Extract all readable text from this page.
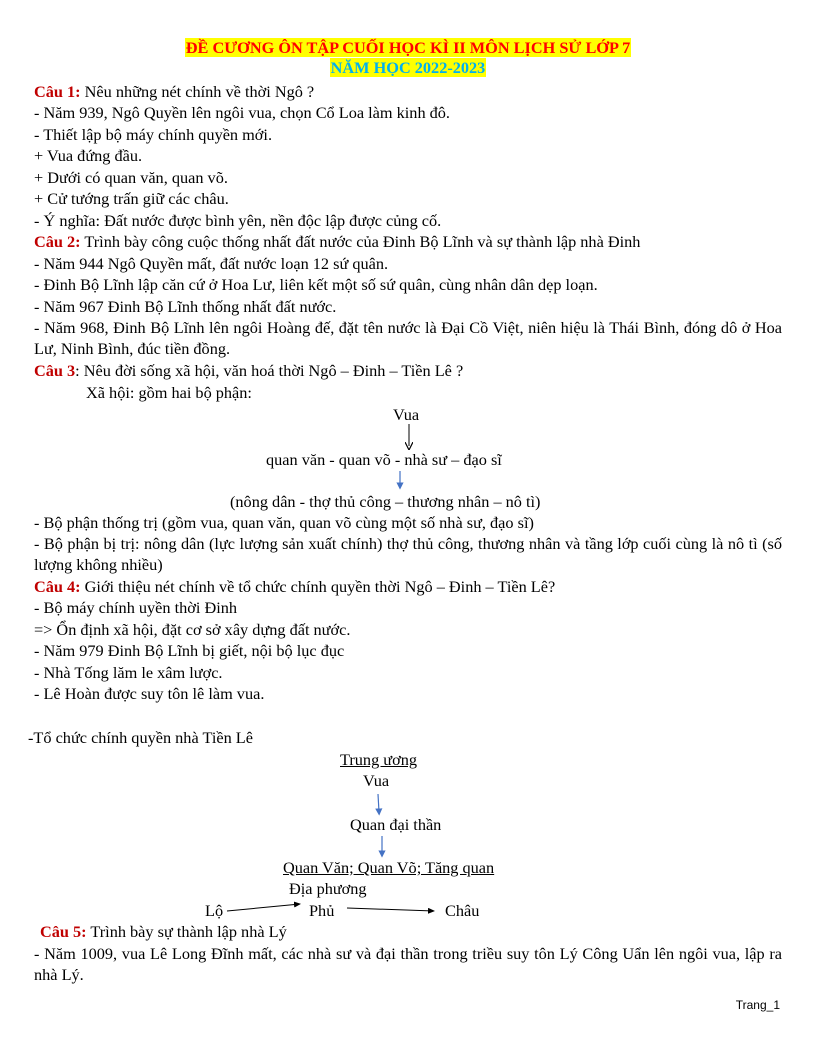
ĐỀ CƯƠNG ÔN TẬP CUỐI HỌC KÌ II MÔN LỊCH SỬ LỚP 7
NĂM HỌC 2022-2023
Câu 1: Nêu những nét chính về thời Ngô ?
- Năm 939, Ngô Quyền lên ngôi vua, chọn Cổ Loa làm kinh đô.
- Thiết lập bộ máy chính quyền mới.
+ Vua đứng đầu.
+ Dưới có quan văn, quan võ.
+ Cử tướng trấn giữ các châu.
- Ý nghĩa: Đất nước được bình yên, nền độc lập được củng cố.
Câu 2: Trình bày công cuộc thống nhất đất nước của Đinh Bộ Lĩnh và sự thành lập nhà Đinh
- Năm 944 Ngô Quyền mất, đất nước loạn 12 sứ quân.
- Đinh Bộ Lĩnh lập căn cứ ở Hoa Lư, liên kết một số sứ quân, cùng nhân dân dẹp loạn.
- Năm 967 Đinh Bộ Lĩnh thống nhất đất nước.
- Năm 968, Đinh Bộ Lĩnh lên ngôi Hoàng đế, đặt tên nước là Đại Cồ Việt, niên hiệu là Thái Bình, đóng dô ở Hoa Lư, Ninh Bình, đúc tiền đồng.
Câu 3: Nêu đời sống xã hội, văn hoá thời Ngô – Đinh – Tiền Lê ?
Xã hội: gồm hai bộ phận:
Vua
quan văn - quan võ - nhà sư – đạo sĩ
(nông dân - thợ thủ công – thương nhân – nô tì)
- Bộ phận thống trị (gồm vua, quan văn, quan võ cùng một số nhà sư, đạo sĩ)
- Bộ phận bị trị: nông dân (lực lượng sản xuất chính) thợ thủ công, thương nhân và tầng lớp cuối cùng là nô tì (số lượng không nhiều)
Câu 4: Giới thiệu nét chính về tổ chức chính quyền thời Ngô – Đinh – Tiền Lê?
- Bộ máy chính uyền thời Đinh
=> Ổn định xã hội, đặt cơ sở xây dựng đất nước.
- Năm 979 Đinh Bộ Lĩnh bị giết, nội bộ lục đục
- Nhà Tống lăm le xâm lược.
- Lê Hoàn được suy tôn lê làm vua.
-Tổ chức chính quyền nhà Tiền Lê
Trung ương
Vua
Quan đại thần
Quan Văn; Quan Võ; Tăng quan
Địa phương
Lộ	Phủ	Châu
Câu 5: Trình bày sự thành lập nhà Lý
- Năm 1009, vua Lê Long Đĩnh mất, các nhà sư và đại thần trong triều suy tôn Lý Công Uẩn lên ngôi vua, lập ra nhà Lý.
Trang_1
